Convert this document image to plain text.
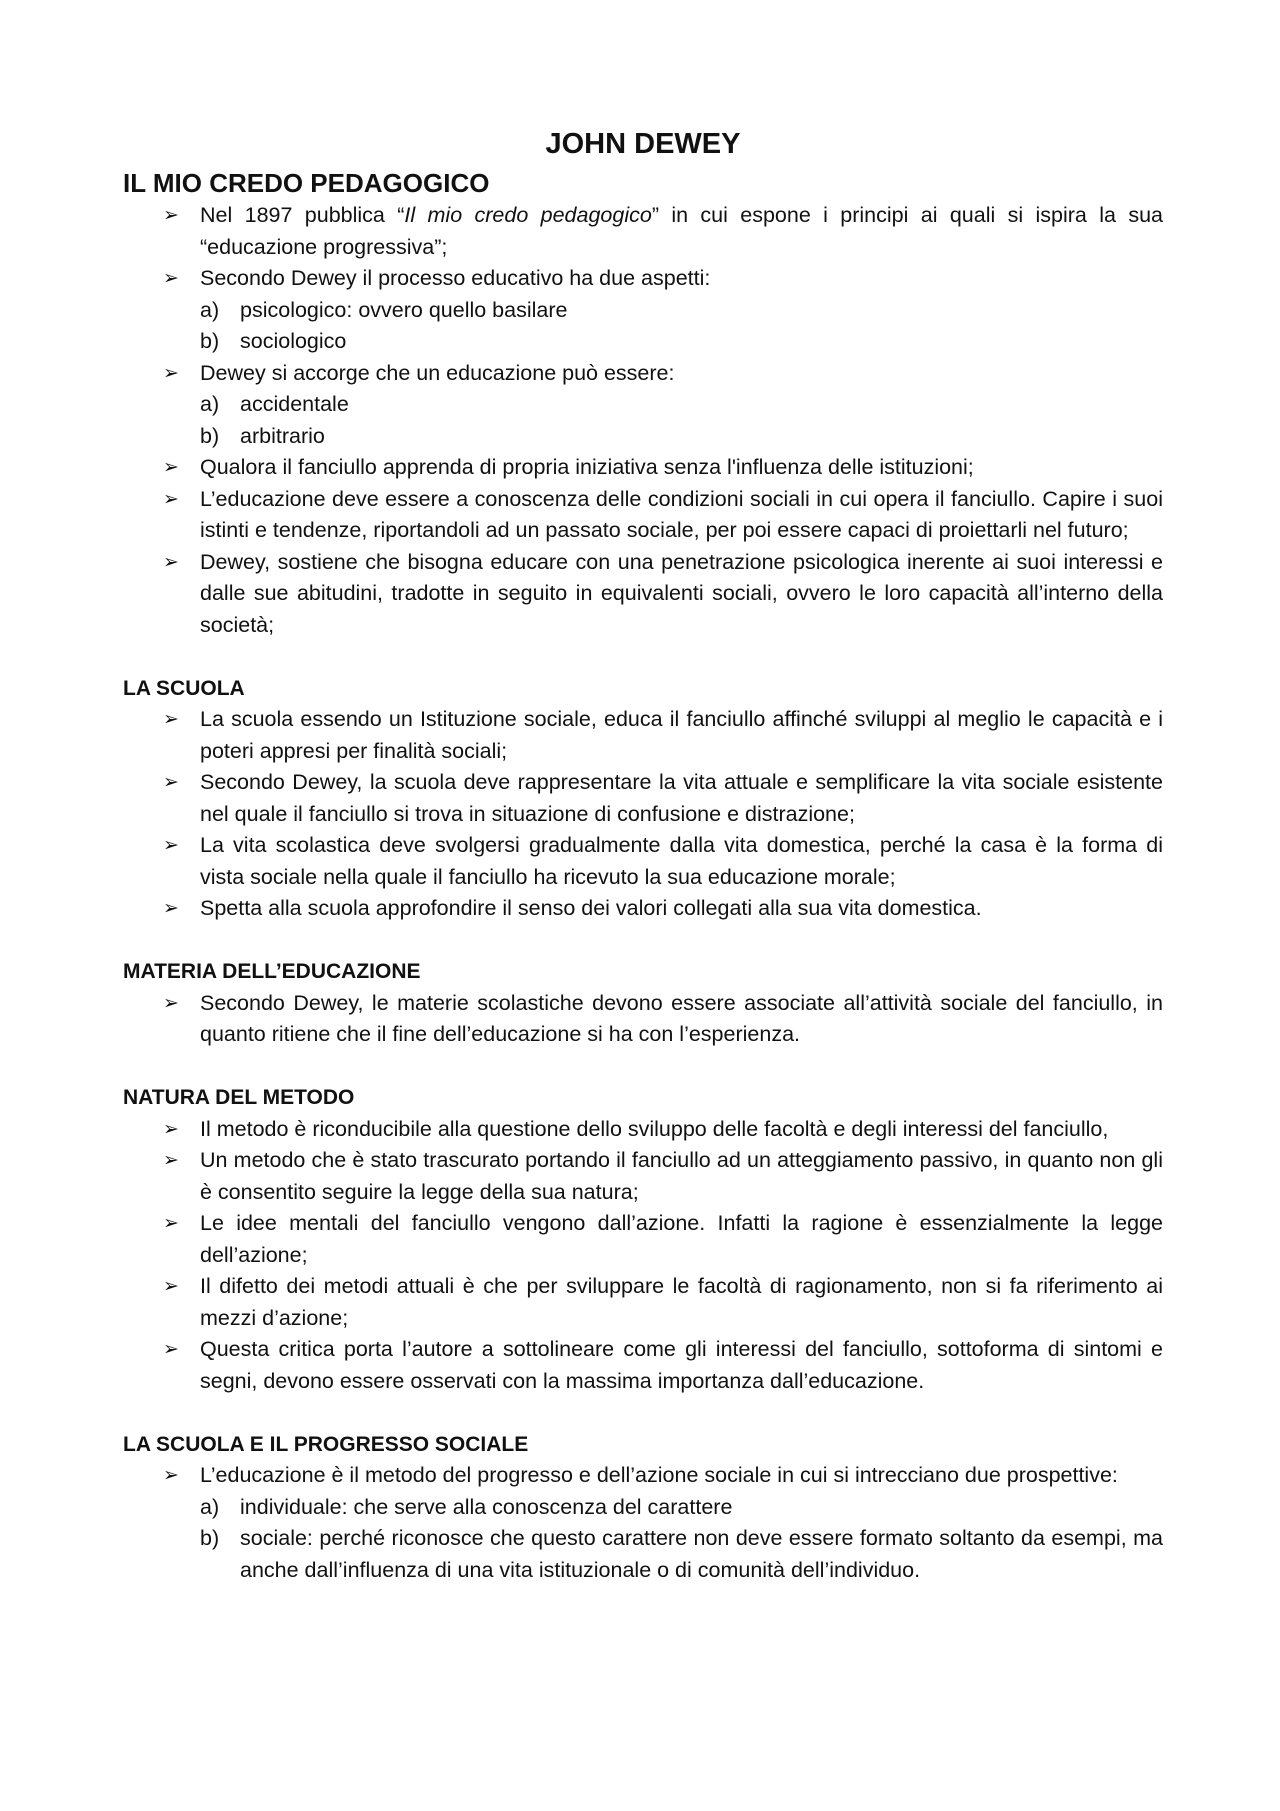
JOHN DEWEY
IL MIO CREDO PEDAGOGICO
➢ Nel 1897 pubblica “Il mio credo pedagogico” in cui espone i principi ai quali si ispira la sua “educazione progressiva”;
➢ Secondo Dewey il processo educativo ha due aspetti:
a) psicologico: ovvero quello basilare
b) sociologico
➢ Dewey si accorge che un educazione può essere:
a) accidentale
b) arbitrario
➢ Qualora il fanciullo apprenda di propria iniziativa senza l'influenza delle istituzioni;
➢ L’educazione deve essere a conoscenza delle condizioni sociali in cui opera il fanciullo. Capire i suoi istinti e tendenze, riportandoli ad un passato sociale, per poi essere capaci di proiettarli nel futuro;
➢ Dewey, sostiene che bisogna educare con una penetrazione psicologica inerente ai suoi interessi e dalle sue abitudini, tradotte in seguito in equivalenti sociali, ovvero le loro capacità all’interno della società;
LA SCUOLA
➢ La scuola essendo un Istituzione sociale, educa il fanciullo affinché sviluppi al meglio le capacità e i poteri appresi per finalità sociali;
➢ Secondo Dewey, la scuola deve rappresentare la vita attuale e semplificare la vita sociale esistente nel quale il fanciullo si trova in situazione di confusione e distrazione;
➢ La vita scolastica deve svolgersi gradualmente dalla vita domestica, perché la casa è la forma di vista sociale nella quale il fanciullo ha ricevuto la sua educazione morale;
➢ Spetta alla scuola approfondire il senso dei valori collegati alla sua vita domestica.
MATERIA DELL’EDUCAZIONE
➢ Secondo Dewey, le materie scolastiche devono essere associate all’attività sociale del fanciullo, in quanto ritiene che il fine dell’educazione si ha con l’esperienza.
NATURA DEL METODO
➢ Il metodo è riconducibile alla questione dello sviluppo delle facoltà e degli interessi del fanciullo,
➢ Un metodo che è stato trascurato portando il fanciullo ad un atteggiamento passivo, in quanto non gli è consentito seguire la legge della sua natura;
➢ Le idee mentali del fanciullo vengono dall’azione. Infatti la ragione è essenzialmente la legge dell’azione;
➢ Il difetto dei metodi attuali è che per sviluppare le facoltà di ragionamento, non si fa riferimento ai mezzi d’azione;
➢ Questa critica porta l’autore a sottolineare come gli interessi del fanciullo, sottoforma di sintomi e segni, devono essere osservati con la massima importanza dall’educazione.
LA SCUOLA E IL PROGRESSO SOCIALE
➢ L’educazione è il metodo del progresso e dell’azione sociale in cui si intrecciano due prospettive:
a) individuale: che serve alla conoscenza del carattere
b) sociale: perché riconosce che questo carattere non deve essere formato soltanto da esempi, ma anche dall’influenza di una vita istituzionale o di comunità dell’individuo.
